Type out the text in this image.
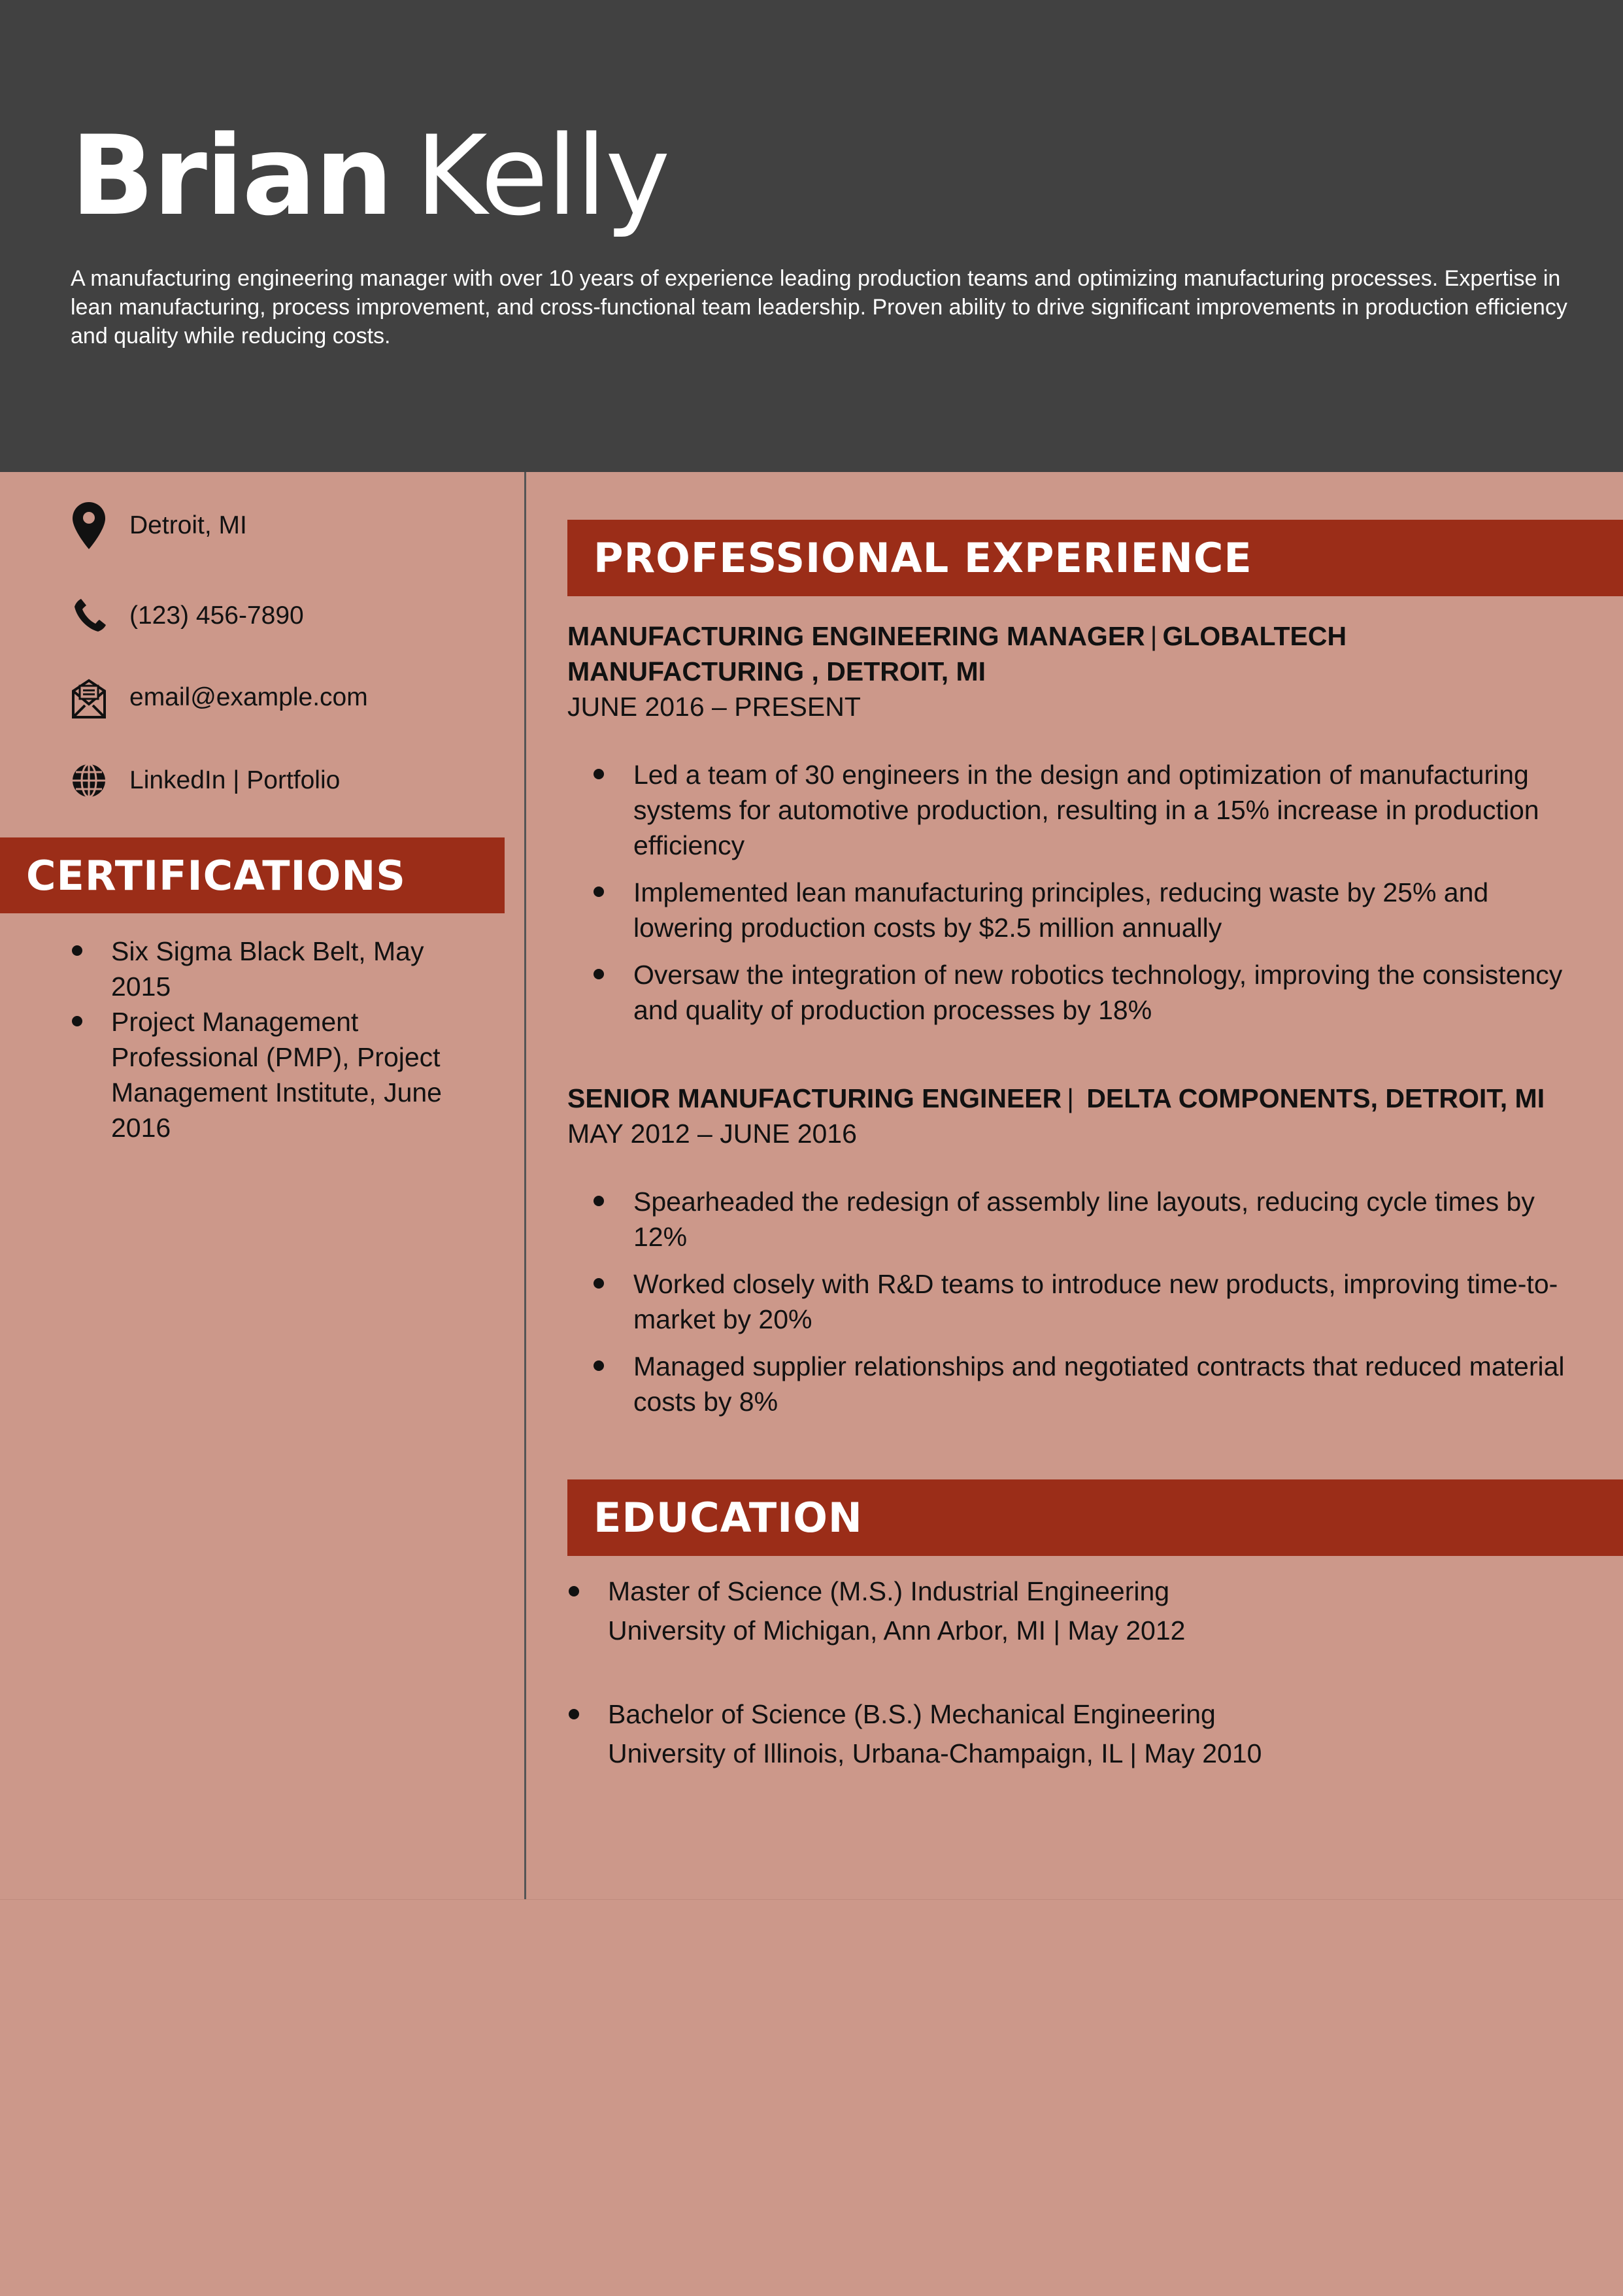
Brian Kelly

A manufacturing engineering manager with over 10 years of experience leading production teams and optimizing manufacturing processes. Expertise in lean manufacturing, process improvement, and cross-functional team leadership. Proven ability to drive significant improvements in production efficiency and quality while reducing costs.

Detroit, MI
(123) 456-7890
email@example.com
LinkedIn | Portfolio
CERTIFICATIONS
Six Sigma Black Belt, May 2015
Project Management Professional (PMP), Project Management Institute, June 2016
PROFESSIONAL EXPERIENCE
MANUFACTURING ENGINEERING MANAGER | GLOBALTECH MANUFACTURING , DETROIT, MI
JUNE 2016 – PRESENT
Led a team of 30 engineers in the design and optimization of manufacturing systems for automotive production, resulting in a 15% increase in production efficiency
Implemented lean manufacturing principles, reducing waste by 25% and lowering production costs by $2.5 million annually
Oversaw the integration of new robotics technology, improving the consistency and quality of production processes by 18%
SENIOR MANUFACTURING ENGINEER | DELTA COMPONENTS, DETROIT, MI
MAY 2012 – JUNE 2016
Spearheaded the redesign of assembly line layouts, reducing cycle times by 12%
Worked closely with R&D teams to introduce new products, improving time-to-market by 20%
Managed supplier relationships and negotiated contracts that reduced material costs by 8%
EDUCATION
Master of Science (M.S.) Industrial Engineering
University of Michigan, Ann Arbor, MI | May 2012
Bachelor of Science (B.S.) Mechanical Engineering
University of Illinois, Urbana-Champaign, IL | May 2010
